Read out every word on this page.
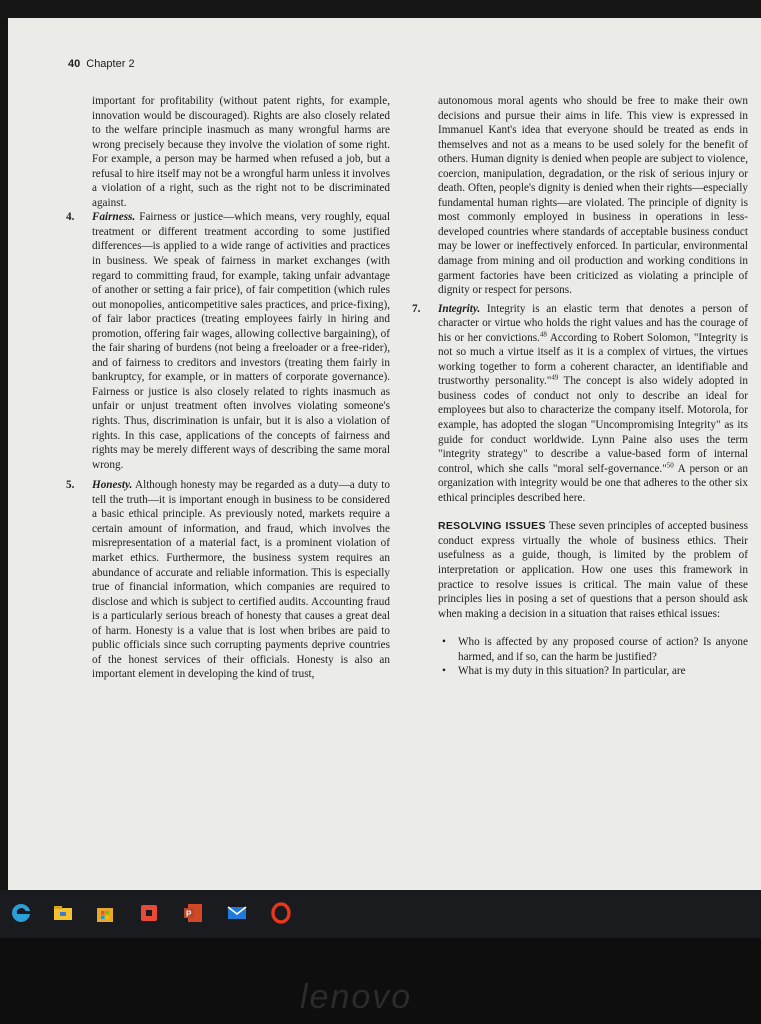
40 Chapter 2

important for profitability (without patent rights, for example, innovation would be discouraged). Rights are also closely related to the welfare principle inasmuch as many wrongful harms are wrong precisely because they involve the violation of some right. For example, a person may be harmed when refused a job, but a refusal to hire itself may not be a wrongful harm unless it involves a violation of a right, such as the right not to be discriminated against.

4. Fairness. Fairness or justice—which means, very roughly, equal treatment or different treatment according to some justified differences—is applied to a wide range of activities and practices in business. We speak of fairness in market exchanges (with regard to committing fraud, for example, taking unfair advantage of another or setting a fair price), of fair competition (which rules out monopolies, anticompetitive sales practices, and price-fixing), of fair labor practices (treating employees fairly in hiring and promotion, offering fair wages, allowing collective bargaining), of the fair sharing of burdens (not being a freeloader or a free-rider), and of fairness to creditors and investors (treating them fairly in bankruptcy, for example, or in matters of corporate governance). Fairness or justice is also closely related to rights inasmuch as unfair or unjust treatment often involves violating someone's rights. Thus, discrimination is unfair, but it is also a violation of rights. In this case, applications of the concepts of fairness and rights may be merely different ways of describing the same moral wrong.
5. Honesty. Although honesty may be regarded as a duty—a duty to tell the truth—it is important enough in business to be considered a basic ethical principle. As previously noted, markets require a certain amount of information, and fraud, which involves the misrepresentation of a material fact, is a prominent violation of market ethics. Furthermore, the business system requires an abundance of accurate and reliable information. This is especially true of financial information, which companies are required to disclose and which is subject to certified audits. Accounting fraud is a particularly serious breach of honesty that causes a great deal of harm. Honesty is a value that is lost when bribes are paid to public officials since such corrupting payments deprive countries of the honest services of their officials. Honesty is also an important element in developing the kind of trust,

autonomous moral agents who should be free to make their own decisions and pursue their aims in life. This view is expressed in Immanuel Kant's idea that everyone should be treated as ends in themselves and not as a means to be used solely for the benefit of others. Human dignity is denied when people are subject to violence, coercion, manipulation, degradation, or the risk of serious injury or death. Often, people's dignity is denied when their rights—especially fundamental human rights—are violated. The principle of dignity is most commonly employed in business in operations in less-developed countries where standards of acceptable business conduct may be lower or ineffectively enforced. In particular, environmental damage from mining and oil production and working conditions in garment factories have been criticized as violating a principle of dignity or respect for persons.

7. Integrity. Integrity is an elastic term that denotes a person of character or virtue who holds the right values and has the courage of his or her convictions.$^{48}$ According to Robert Solomon, "Integrity is not so much a virtue itself as it is a complex of virtues, the virtues working together to form a coherent character, an identifiable and trustworthy personality."$^{49}$ The concept is also widely adopted in business codes of conduct not only to describe an ideal for employees but also to characterize the company itself. Motorola, for example, has adopted the slogan "Uncompromising Integrity" as its guide for conduct worldwide. Lynn Paine also uses the term "integrity strategy" to describe a value-based form of internal control, which she calls "moral self-governance."$^{50}$ A person or an organization with integrity would be one that adheres to the other six ethical principles described here.

RESOLVING ISSUES These seven principles of accepted business conduct express virtually the whole of business ethics. Their usefulness as a guide, though, is limited by the problem of interpretation or application. How one uses this framework in practice to resolve issues is critical. The main value of these principles lies in posing a set of questions that a person should ask when making a decision in a situation that raises ethical issues:

• Who is affected by any proposed course of action? Is anyone harmed, and if so, can the harm be justified?
• What is my duty in this situation? In particular, are
P
lenovo
